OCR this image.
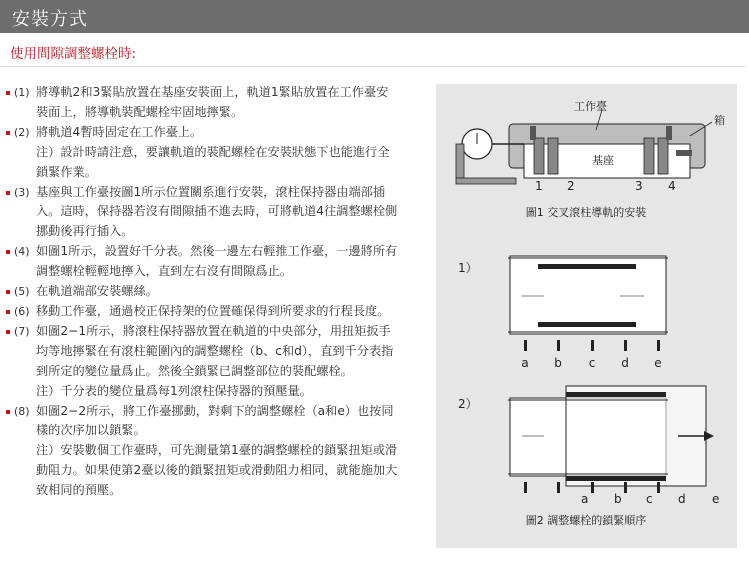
安裝方式
使用間隙調整螺栓時:
(1) 將導軌2和3緊貼放置在基座安裝面上，軌道1緊貼放置在工作臺安裝面上，將導軌裝配螺栓牢固地擰緊。
(2) 將軌道4暫時固定在工作臺上。
注）設計時請注意，要讓軌道的裝配螺栓在安裝狀態下也能進行全鎖緊作業。
(3) 基座與工作臺按圖1所示位置關系進行安裝，滾柱保持器由端部插入。這時，保持器若沒有間隙插不進去時，可將軌道4往調整螺栓側挪動後再行插入。
(4) 如圖1所示，設置好千分表。然後一邊左右輕推工作臺，一邊將所有調整螺栓輕輕地擰入，直到左右沒有間隙爲止。
(5) 在軌道端部安裝螺絲。
(6) 移動工作臺，通過校正保持架的位置確保得到所要求的行程長度。
(7) 如圖2−1所示，將滾柱保持器放置在軌道的中央部分，用扭矩扳手均等地擰緊在有滾柱範圍內的調整螺栓（b、c和d），直到千分表指到所定的變位量爲止。然後全鎖緊已調整部位的裝配螺栓。
注）千分表的變位量爲每1列滾柱保持器的預壓量。
(8) 如圖2−2所示，將工作臺挪動，對剩下的調整螺栓（a和e）也按同樣的次序加以鎖緊。
注）安裝數個工作臺時，可先測量第1臺的調整螺栓的鎖緊扭矩或滑動阻力。如果使第2臺以後的鎖緊扭矩或滑動阻力相同，就能施加大致相同的預壓。
工作臺
箱
基座
1 2	3 4
圖1 交叉滾柱導軌的安裝
1）
a b c d e
2）
a b c d e
圖2 調整螺栓的鎖緊順序
